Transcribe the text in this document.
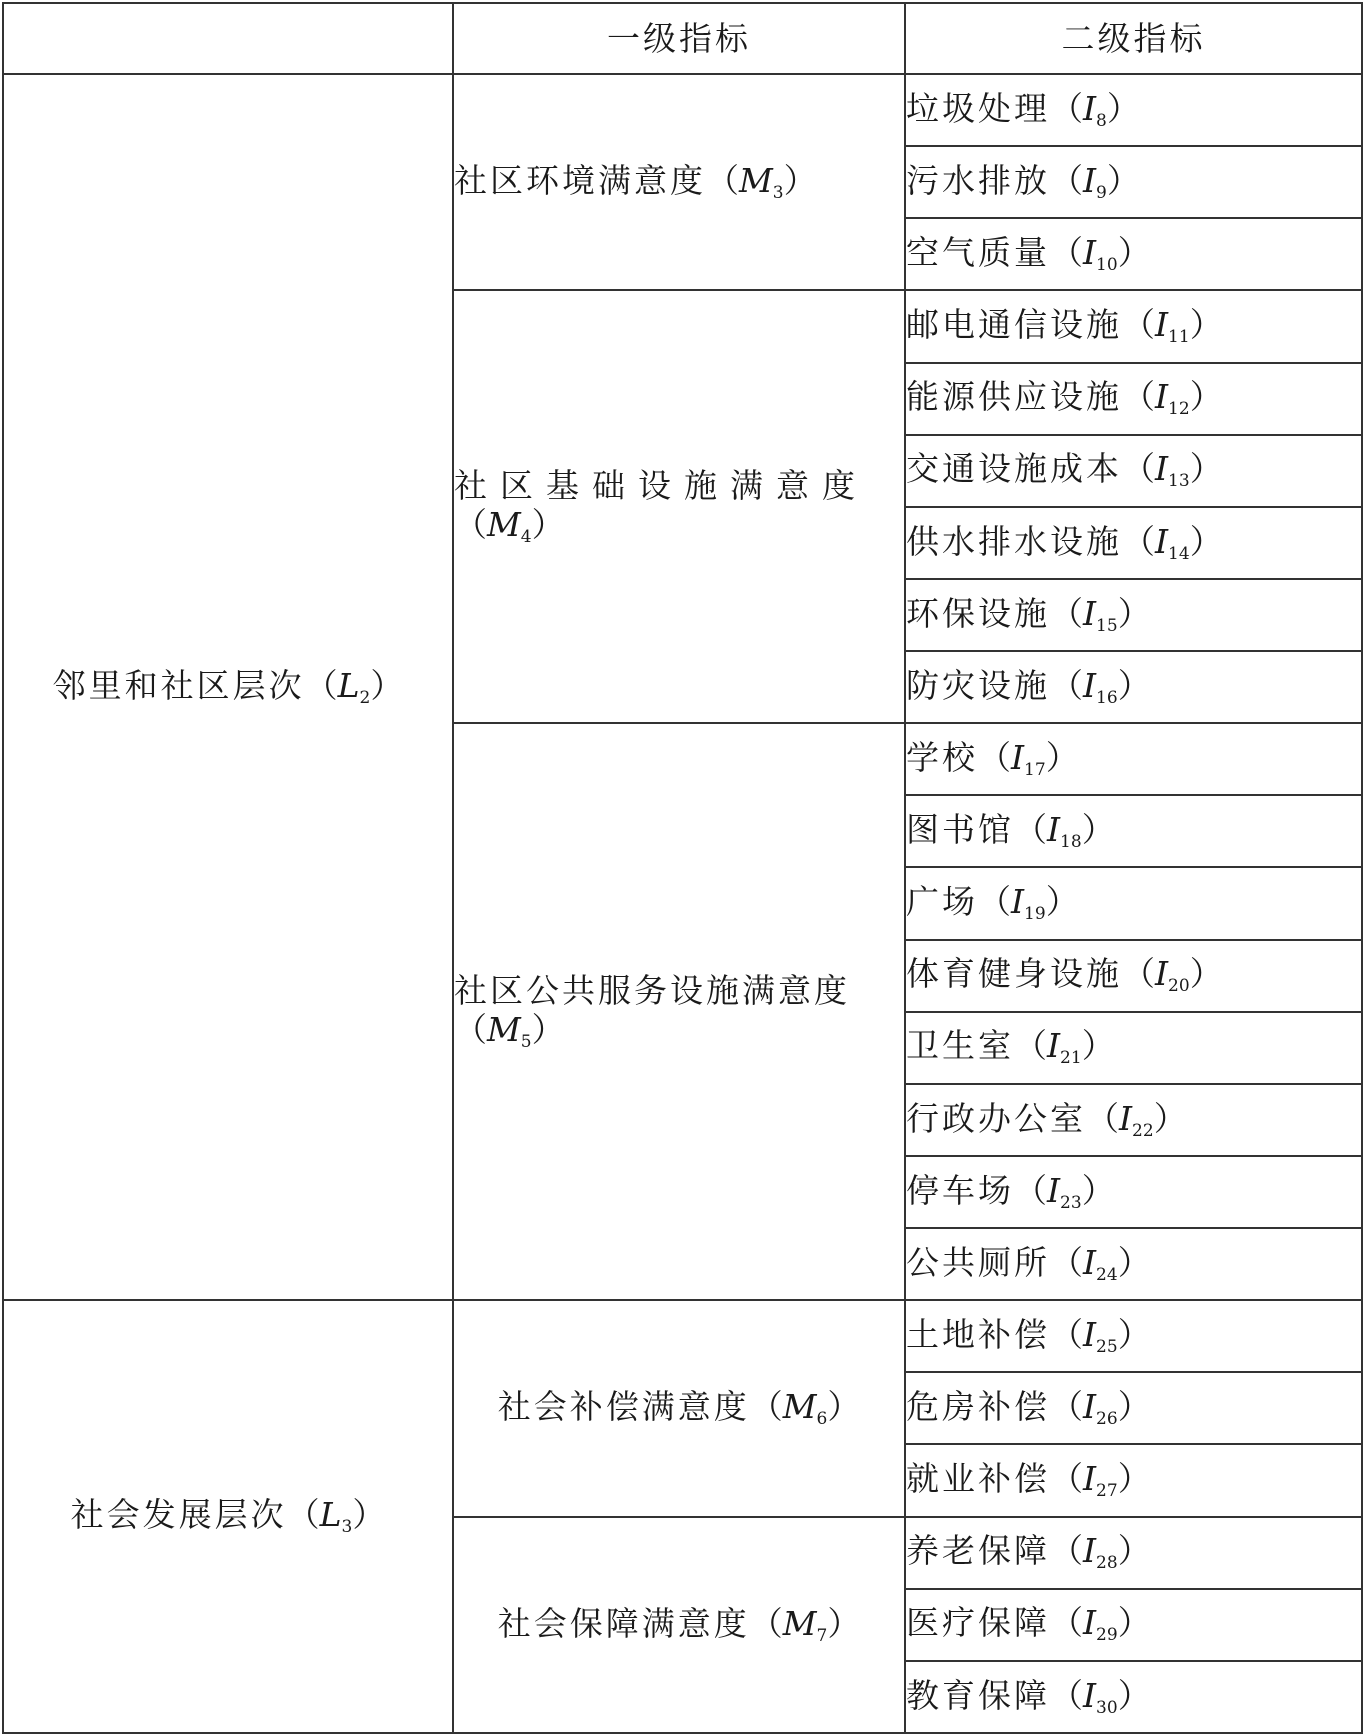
	一级指标	二级指标
邻里和社区层次$(L_2)$	社区环境满意度$(M_3)$	垃圾处理$(I_8)$
		污水排放$(I_9)$
		空气质量$(I_{10})$
	社区基础设施满意度$(M_4)$	邮电通信设施$(I_{11})$
		能源供应设施$(I_{12})$
		交通设施成本$(I_{13})$
		供水排水设施$(I_{14})$
		环保设施$(I_{15})$
		防灾设施$(I_{16})$
	社区公共服务设施满意度$(M_5)$	学校$(I_{17})$
		图书馆$(I_{18})$
		广场$(I_{19})$
		体育健身设施$(I_{20})$
		卫生室$(I_{21})$
		行政办公室$(I_{22})$
		停车场$(I_{23})$
		公共厕所$(I_{24})$
社会发展层次$(L_3)$	社会补偿满意度$(M_6)$	土地补偿$(I_{25})$
		危房补偿$(I_{26})$
		就业补偿$(I_{27})$
	社会保障满意度$(M_7)$	养老保障$(I_{28})$
		医疗保障$(I_{29})$
		教育保障$(I_{30})$
